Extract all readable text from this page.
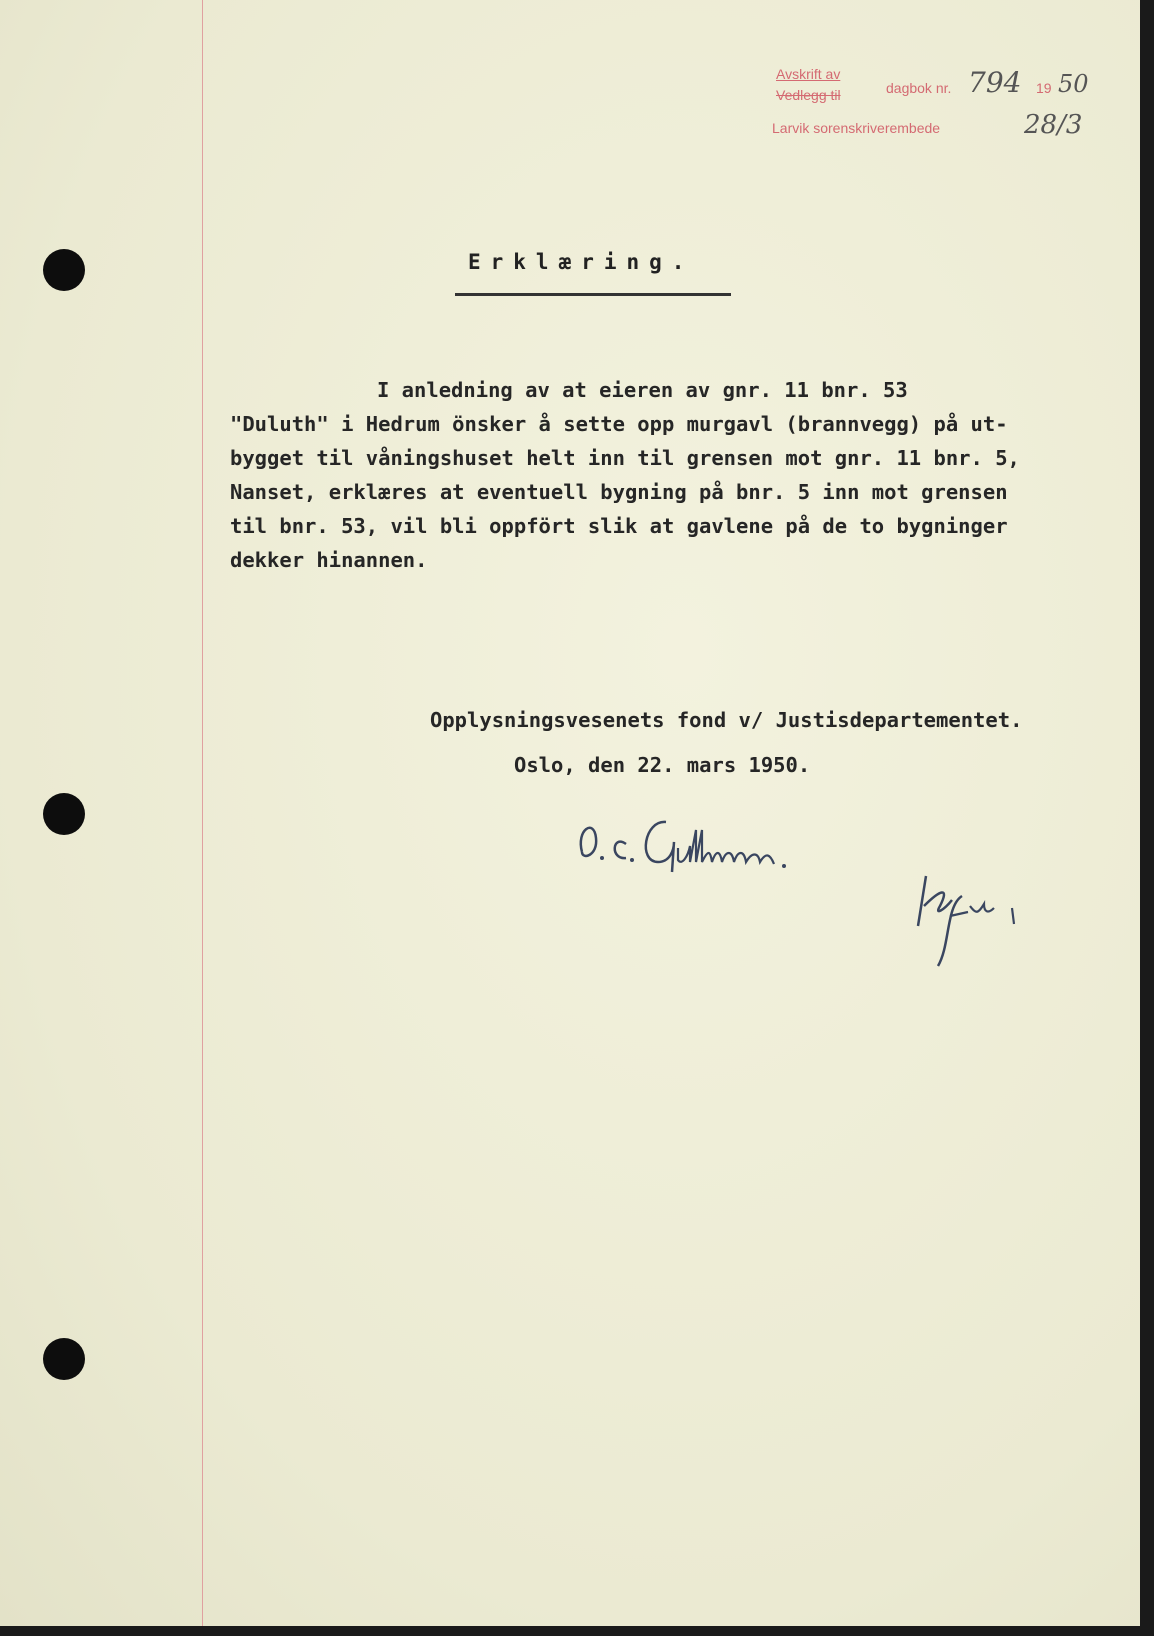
Avskrift av
Vedlegg til	dagbok nr. 794 19 50
Larvik sorenskriverembede	28/3
Erklæring.
I anledning av at eieren av gnr. 11 bnr. 53
"Duluth" i Hedrum önsker å sette opp murgavl (brannvegg) på ut-
bygget til våningshuset helt inn til grensen mot gnr. 11 bnr. 5,
Nanset, erklæres at eventuell bygning på bnr. 5 inn mot grensen
til bnr. 53, vil bli oppfört slik at gavlene på de to bygninger
dekker hinannen.
Opplysningsvesenets fond v/ Justisdepartementet.
Oslo, den 22. mars 1950.
